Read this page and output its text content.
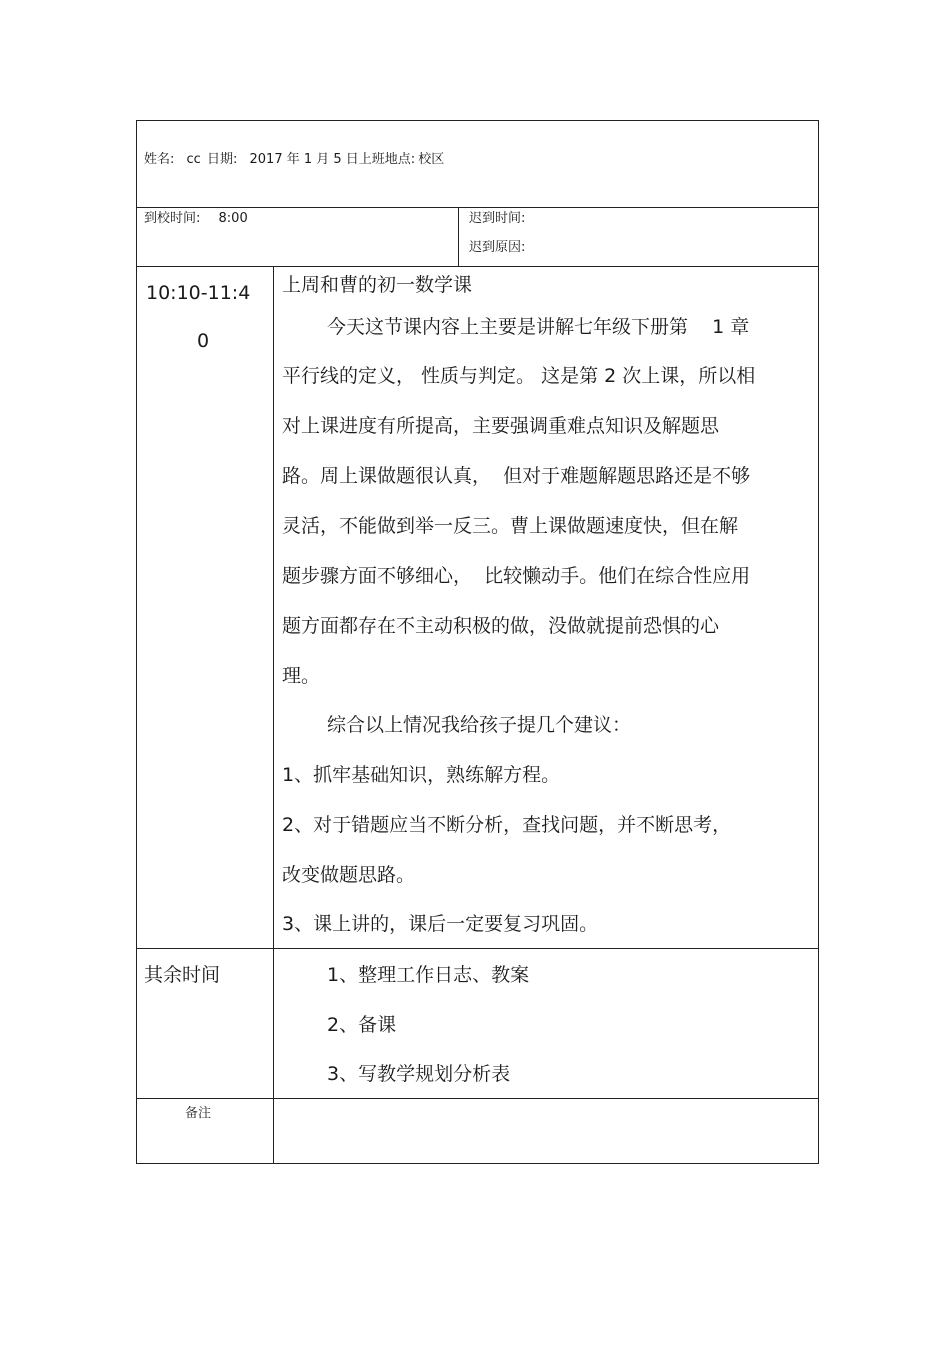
姓名: cc 日期: 2017 年 1 月 5 日上班地点: 校区
到校时间: 8:00	迟到时间:
迟到原因:
10:10-11:4
0
上周和曹的初一数学课
今天这节课内容上主要是讲解七年级下册第    1 章
平行线的定义， 性质与判定。 这是第 2 次上课，所以相
对上课进度有所提高，主要强调重难点知识及解题思
路。周上课做题很认真，  但对于难题解题思路还是不够
灵活，不能做到举一反三。曹上课做题速度快，但在解
题步骤方面不够细心，  比较懒动手。他们在综合性应用
题方面都存在不主动积极的做，没做就提前恐惧的心
理。
综合以上情况我给孩子提几个建议：
1、抓牢基础知识，熟练解方程。
2、对于错题应当不断分析，查找问题，并不断思考，
改变做题思路。
3、课上讲的，课后一定要复习巩固。
其余时间	1、整理工作日志、教案
2、备课
3、写教学规划分析表
备注
